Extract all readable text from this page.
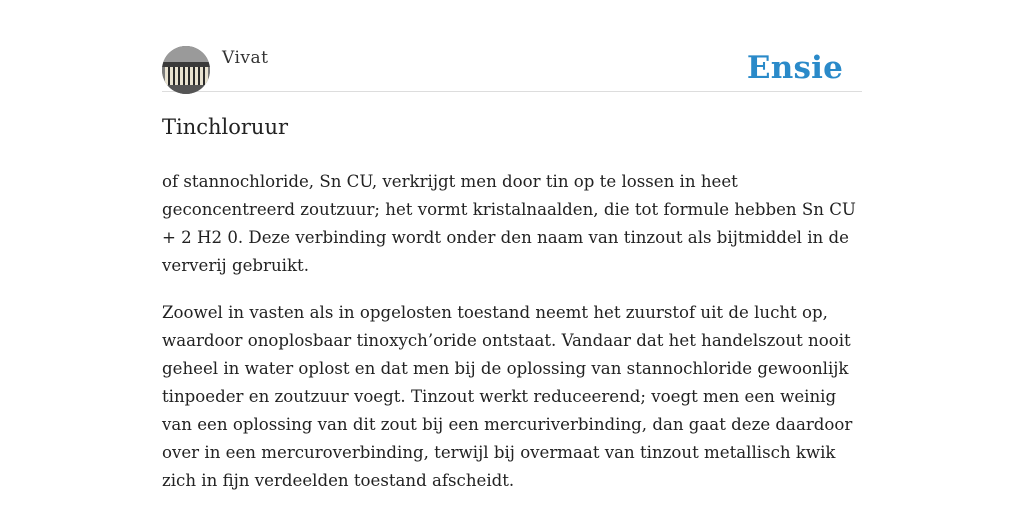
Vivat	Ensie
Tinchloruur

of stannochloride, Sn CU, verkrijgt men door tin op te lossen in heet geconcentreerd zoutzuur; het vormt kristalnaalden, die tot formule hebben Sn CU + 2 H2 0. Deze verbinding wordt onder den naam van tinzout als bijtmiddel in de ververij gebruikt.

Zoowel in vasten als in opgelosten toestand neemt het zuurstof uit de lucht op, waardoor onoplosbaar tinoxych’oride ontstaat. Vandaar dat het handelszout nooit geheel in water oplost en dat men bij de oplossing van stannochloride gewoonlijk tinpoeder en zoutzuur voegt. Tinzout werkt reduceerend; voegt men een weinig van een oplossing van dit zout bij een mercuriverbinding, dan gaat deze daardoor over in een mercuroverbinding, terwijl bij overmaat van tinzout metallisch kwik zich in fijn verdeelden toestand afscheidt.
